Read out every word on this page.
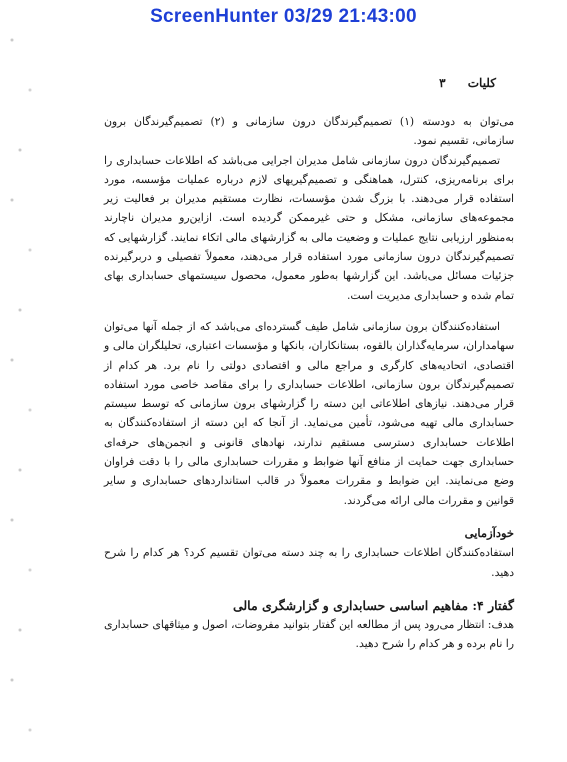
ScreenHunter 03/29 21:43:00
کلیات ۳

می‌توان به دودسته (۱) تصمیم‌گیرندگان درون سازمانی و (۲) تصمیم‌گیرندگان برون سازمانی، تقسیم نمود.

تصمیم‌گیرندگان درون سازمانی شامل مدیران اجرایی می‌باشد که اطلاعات حسابداری را برای برنامه‌ریزی، کنترل، هماهنگی و تصمیم‌گیریهای لازم درباره عملیات مؤسسه، مورد استفاده قرار می‌دهند. با بزرگ شدن مؤسسات، نظارت مستقیم مدیران بر فعالیت زیر مجموعه‌های سازمانی، مشکل و حتی غیرممکن گردیده است. ازاین‌رو مدیران ناچارند به‌منظور ارزیابی نتایج عملیات و وضعیت مالی به گزارشهای مالی اتکاء نمایند. گزارشهایی که تصمیم‌گیرندگان درون سازمانی مورد استفاده قرار می‌دهند، معمولاً تفصیلی و دربرگیرنده جزئیات مسائل می‌باشد. این گزارشها به‌طور معمول، محصول سیستمهای حسابداری بهای تمام شده و حسابداری مدیریت است.

استفاده‌کنندگان برون سازمانی شامل طیف گسترده‌ای می‌باشد که از جمله آنها می‌توان سهامداران، سرمایه‌گذاران بالقوه، بستانکاران، بانکها و مؤسسات اعتباری، تحلیلگران مالی و اقتصادی، اتحادیه‌های کارگری و مراجع مالی و اقتصادی دولتی را نام برد. هر کدام از تصمیم‌گیرندگان برون سازمانی، اطلاعات حسابداری را برای مقاصد خاصی مورد استفاده قرار می‌دهند. نیازهای اطلاعاتی این دسته را گزارشهای برون سازمانی که توسط سیستم حسابداری مالی تهیه می‌شود، تأمین می‌نماید. از آنجا که این دسته از استفاده‌کنندگان به اطلاعات حسابداری دسترسی مستقیم ندارند، نهادهای قانونی و انجمن‌های حرفه‌ای حسابداری جهت حمایت از منافع آنها ضوابط و مقررات حسابداری مالی را با دقت فراوان وضع می‌نمایند. این ضوابط و مقررات معمولاً در قالب استانداردهای حسابداری و سایر قوانین و مقررات مالی ارائه می‌گردند.

خودآزمایی

استفاده‌کنندگان اطلاعات حسابداری را به چند دسته می‌توان تقسیم کرد؟ هر کدام را شرح دهید.

گفتار ۴: مفاهیم اساسی حسابداری و گزارشگری مالی

هدف: انتظار می‌رود پس از مطالعه این گفتار بتوانید مفروضات، اصول و میثاقهای حسابداری را نام برده و هر کدام را شرح دهید.
